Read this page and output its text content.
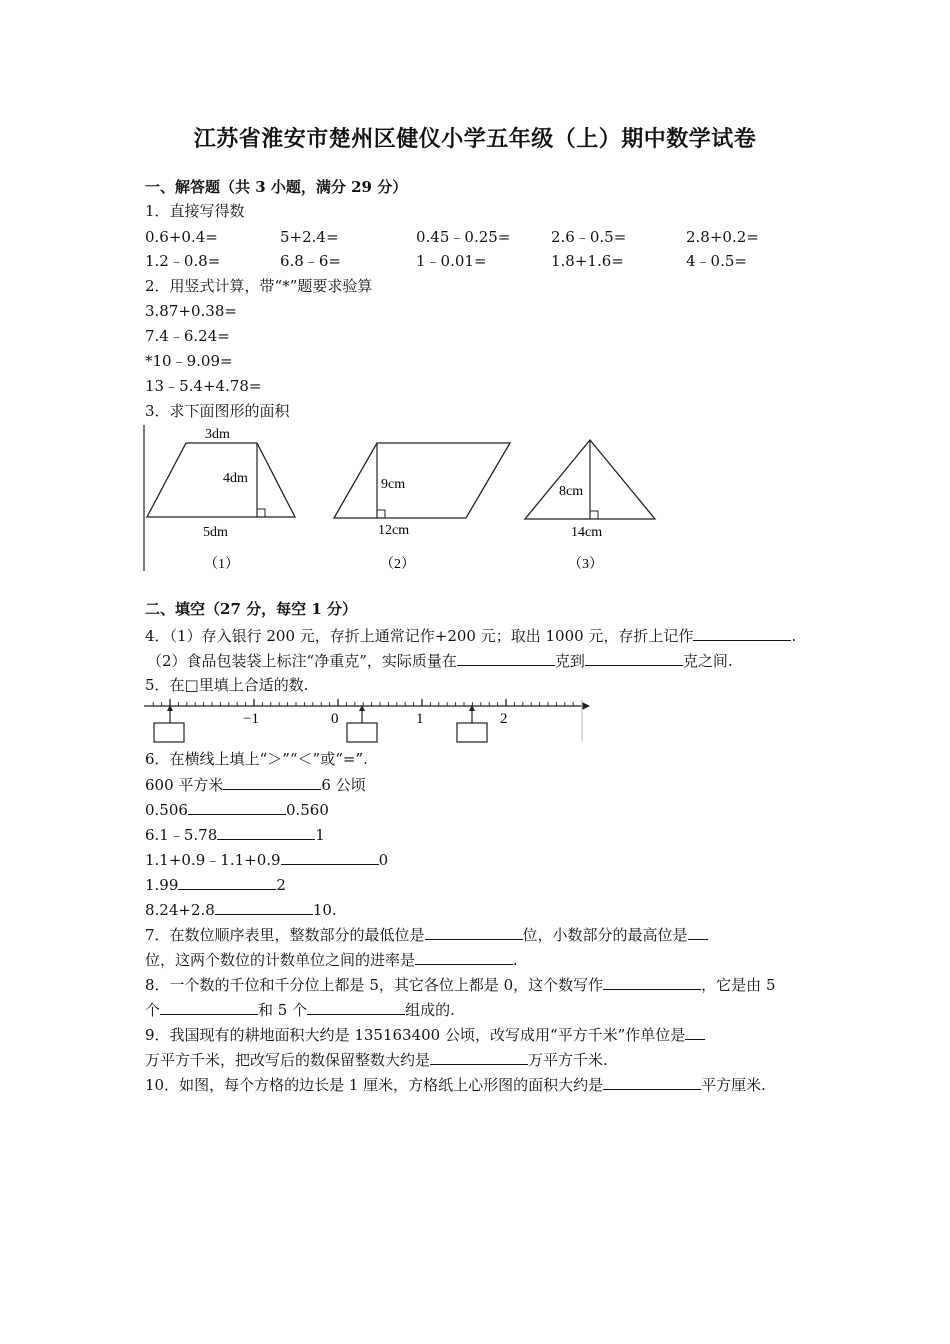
江苏省淮安市楚州区健仪小学五年级（上）期中数学试卷
一、解答题（共 3 小题，满分 29 分）
1．直接写得数
0.6+0.4=	5+2.4=	0.45﹣0.25=	2.6﹣0.5=	2.8+0.2=
1.2﹣0.8=	6.8﹣6=	1﹣0.01=	1.8+1.6=	4﹣0.5=
2．用竖式计算，带“*”题要求验算
3.87+0.38=
7.4﹣6.24=
*10﹣9.09=
13﹣5.4+4.78=
3．求下面图形的面积
3dm
4dm
5dm
（1）
9cm
12cm
（2）
8cm
14cm
（3）
−1	0	1	2
二、填空（27 分，每空 1 分）
4．（1）存入银行 200 元，存折上通常记作+200 元；取出 1000 元，存折上记作	.
（2）食品包装袋上标注“净重克”，实际质量在	克到	克之间.
5．在□里填上合适的数.
6．在横线上填上“＞”“＜”或“=”.
600 平方米	6 公顷
0.506	0.560
6.1﹣5.78	1
1.1+0.9﹣1.1+0.9	0
1.99	2
8.24+2.8	10.
7．在数位顺序表里，整数部分的最低位是	位，小数部分的最高位是
位，这两个数位的计数单位之间的进率是	.
8．一个数的千位和千分位上都是 5，其它各位上都是 0，这个数写作	，它是由 5
个	和 5 个	组成的.
9．我国现有的耕地面积大约是 135163400 公顷，改写成用“平方千米”作单位是
万平方千米，把改写后的数保留整数大约是	万平方千米.
10．如图，每个方格的边长是 1 厘米，方格纸上心形图的面积大约是	平方厘米.
